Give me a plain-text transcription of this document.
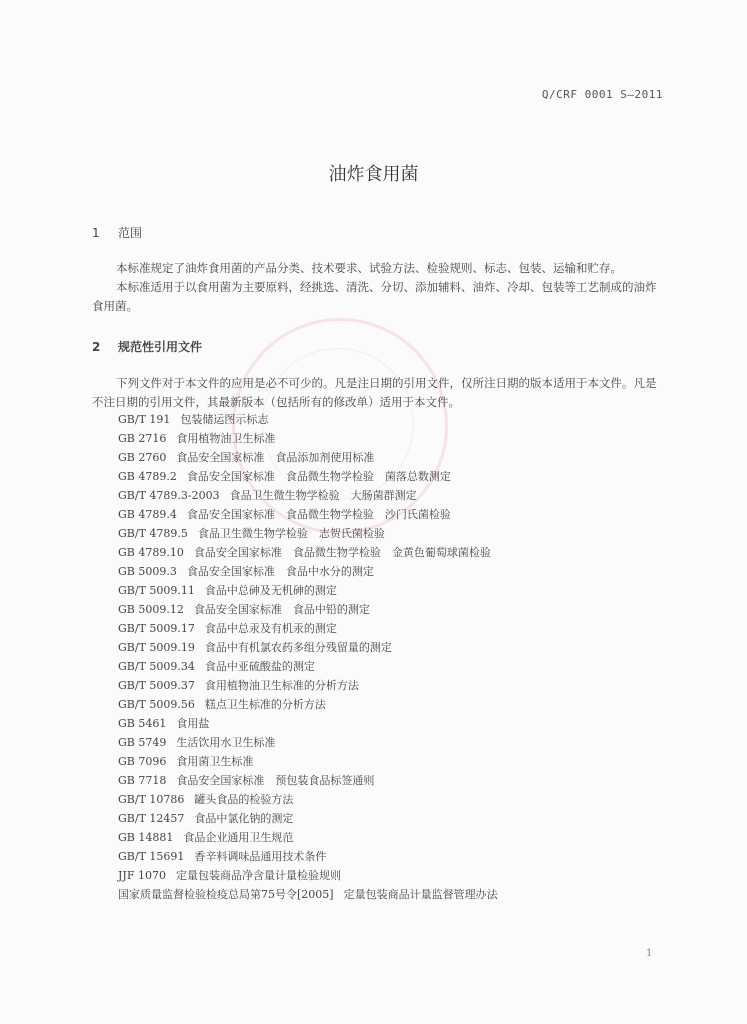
Q/CRF 0001 S—2011
油炸食用菌
1 范围

本标准规定了油炸食用菌的产品分类、技术要求、试验方法、检验规则、标志、包装、运输和贮存。

本标准适用于以食用菌为主要原料，经挑选、清洗、分切、添加辅料、油炸、冷却、包装等工艺制成的油炸食用菌。

2 规范性引用文件

下列文件对于本文件的应用是必不可少的。凡是注日期的引用文件，仅所注日期的版本适用于本文件。凡是不注日期的引用文件，其最新版本（包括所有的修改单）适用于本文件。

GB/T 191 包装储运图示标志
GB 2716 食用植物油卫生标准
GB 2760 食品安全国家标准　食品添加剂使用标准
GB 4789.2 食品安全国家标准　食品微生物学检验　菌落总数测定
GB/T 4789.3-2003 食品卫生微生物学检验　大肠菌群测定
GB 4789.4 食品安全国家标准　食品微生物学检验　沙门氏菌检验
GB/T 4789.5 食品卫生微生物学检验　志贺氏菌检验
GB 4789.10 食品安全国家标准　食品微生物学检验　金黄色葡萄球菌检验
GB 5009.3 食品安全国家标准　食品中水分的测定
GB/T 5009.11 食品中总砷及无机砷的测定
GB 5009.12 食品安全国家标准　食品中铅的测定
GB/T 5009.17 食品中总汞及有机汞的测定
GB/T 5009.19 食品中有机氯农药多组分残留量的测定
GB/T 5009.34 食品中亚硫酸盐的测定
GB/T 5009.37 食用植物油卫生标准的分析方法
GB/T 5009.56 糕点卫生标准的分析方法
GB 5461 食用盐
GB 5749 生活饮用水卫生标准
GB 7096 食用菌卫生标准
GB 7718 食品安全国家标准　预包装食品标签通则
GB/T 10786 罐头食品的检验方法
GB/T 12457 食品中氯化钠的测定
GB 14881 食品企业通用卫生规范
GB/T 15691 香辛料调味品通用技术条件
JJF 1070 定量包装商品净含量计量检验规则
国家质量监督检验检疫总局第75号令[2005] 定量包装商品计量监督管理办法
1
